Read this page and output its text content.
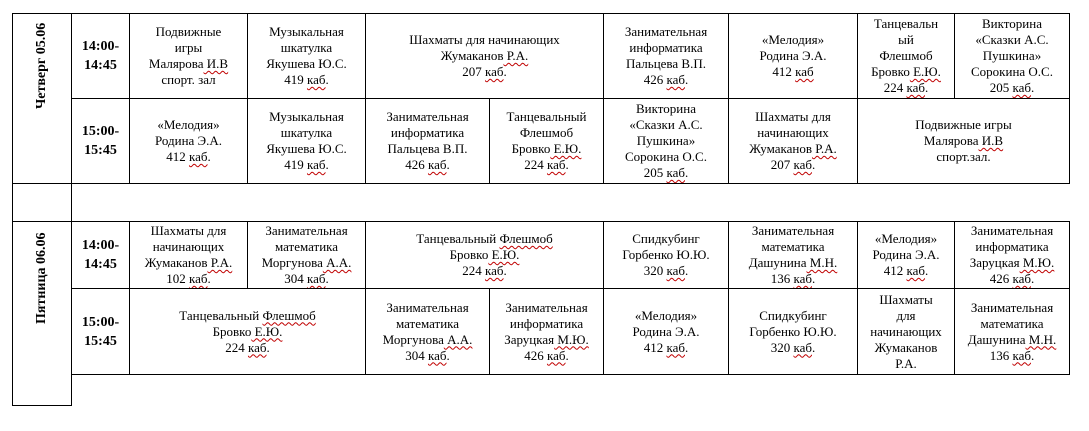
Четверг 05.06	14:00-
14:45	Подвижные
игры
Малярова И.В
спорт. зал	Музыкальная
шкатулка
Якушева Ю.С.
419 каб.	Шахматы для начинающих
Жумаканов Р.А.
207 каб.		Занимательная
информатика
Пальцева В.П.
426 каб.	«Мелодия»
Родина Э.А.
412 каб	Танцевальн
ый
Флешмоб
Бровко Е.Ю.
224 каб.	Викторина
«Сказки А.С.
Пушкина»
Сорокина О.С.
205 каб.

	15:00-
15:45	«Мелодия»
Родина Э.А.
412 каб.	Музыкальная
шкатулка
Якушева Ю.С.
419 каб.	Занимательная
информатика
Пальцева В.П.
426 каб.	Танцевальный
Флешмоб
Бровко Е.Ю.
224 каб.	Викторина
«Сказки А.С.
Пушкина»
Сорокина О.С.
205 каб.	Шахматы для
начинающих
Жумаканов Р.А.
207 каб.	Подвижные игры
Малярова И.В
спорт.зал.	

Пятница 06.06	14:00-
14:45	Шахматы для
начинающих
Жумаканов Р.А.
102 каб.	Занимательная
математика
Моргунова А.А.
304 каб.	Танцевальный Флешмоб
Бровко Е.Ю.
224 каб.		Спидкубинг
Горбенко Ю.Ю.
320 каб.	Занимательная
математика
Дашунина М.Н.
136 каб.	«Мелодия»
Родина Э.А.
412 каб.	Занимательная
информатика
Заруцкая М.Ю.
426 каб.

	15:00-
15:45	Танцевальный Флешмоб
Бровко Е.Ю.
224 каб.		Занимательная
математика
Моргунова А.А.
304 каб.	Занимательная
информатика
Заруцкая М.Ю.
426 каб.	«Мелодия»
Родина Э.А.
412 каб.	Спидкубинг
Горбенко Ю.Ю.
320 каб.	Шахматы
для
начинающих
Жумаканов
Р.А.	Занимательная
математика
Дашунина М.Н.
136 каб.
